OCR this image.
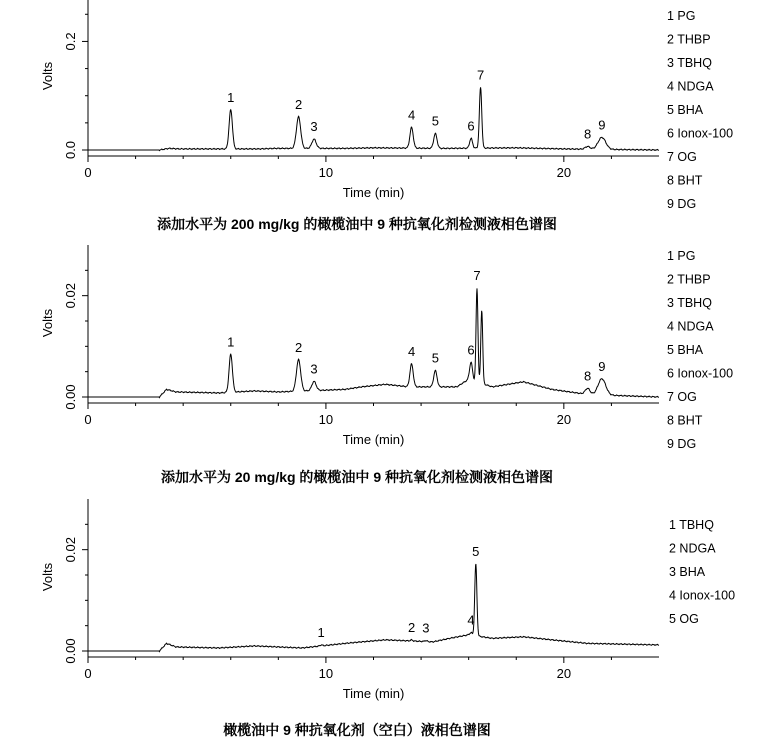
0	10	20
0.0
0.2
Volts
Time (min)
1	2
3
4 5 6
7
8
9
1 PG
2 THBP
3 TBHQ
4 NDGA
5 BHA
6 Ionox-100
7 OG
8 BHT
9 DG
添加水平为 200 mg/kg 的橄榄油中 9 种抗氧化剂检测液相色谱图
0	10	20
0.00
0.02
Volts
Time (min)
1	2
3
4 5
6
7
8
9
1 PG
2 THBP
3 TBHQ
4 NDGA
5 BHA
6 Ionox-100
7 OG
8 BHT
9 DG
添加水平为 20 mg/kg 的橄榄油中 9 种抗氧化剂检测液相色谱图
0	10	20
0.00
0.02
Volts
Time (min)
1	2 3
4
5
1 TBHQ
2 NDGA
3 BHA
4 Ionox-100
5 OG
橄榄油中 9 种抗氧化剂（空白）液相色谱图
